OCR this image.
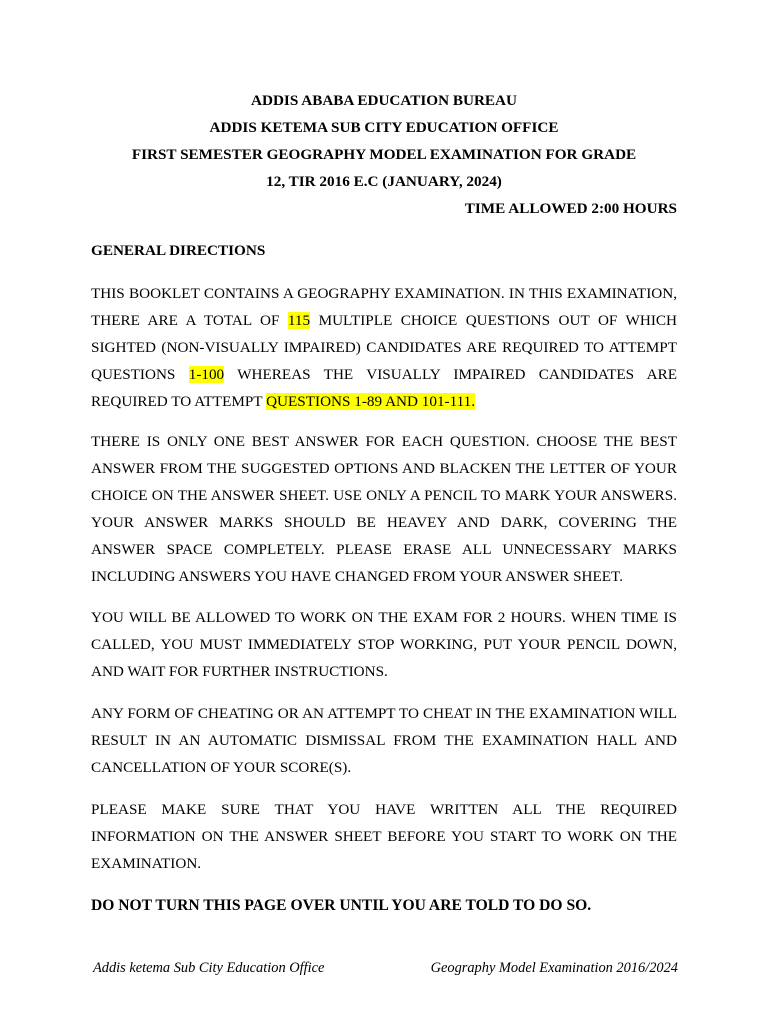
ADDIS ABABA EDUCATION BUREAU
ADDIS KETEMA SUB CITY EDUCATION OFFICE
FIRST SEMESTER GEOGRAPHY MODEL EXAMINATION FOR GRADE
12, TIR 2016 E.C (JANUARY, 2024)
TIME ALLOWED 2:00 HOURS
GENERAL DIRECTIONS
THIS BOOKLET CONTAINS A GEOGRAPHY EXAMINATION. IN THIS EXAMINATION, THERE ARE A TOTAL OF 115 MULTIPLE CHOICE QUESTIONS OUT OF WHICH SIGHTED (NON-VISUALLY IMPAIRED) CANDIDATES ARE REQUIRED TO ATTEMPT QUESTIONS 1-100 WHEREAS THE VISUALLY IMPAIRED CANDIDATES ARE REQUIRED TO ATTEMPT QUESTIONS 1-89 AND 101-111.
THERE IS ONLY ONE BEST ANSWER FOR EACH QUESTION. CHOOSE THE BEST ANSWER FROM THE SUGGESTED OPTIONS AND BLACKEN THE LETTER OF YOUR CHOICE ON THE ANSWER SHEET. USE ONLY A PENCIL TO MARK YOUR ANSWERS. YOUR ANSWER MARKS SHOULD BE HEAVEY AND DARK, COVERING THE ANSWER SPACE COMPLETELY. PLEASE ERASE ALL UNNECESSARY MARKS INCLUDING ANSWERS YOU HAVE CHANGED FROM YOUR ANSWER SHEET.
YOU WILL BE ALLOWED TO WORK ON THE EXAM FOR 2 HOURS. WHEN TIME IS CALLED, YOU MUST IMMEDIATELY STOP WORKING, PUT YOUR PENCIL DOWN, AND WAIT FOR FURTHER INSTRUCTIONS.
ANY FORM OF CHEATING OR AN ATTEMPT TO CHEAT IN THE EXAMINATION WILL RESULT IN AN AUTOMATIC DISMISSAL FROM THE EXAMINATION HALL AND CANCELLATION OF YOUR SCORE(S).
PLEASE MAKE SURE THAT YOU HAVE WRITTEN ALL THE REQUIRED INFORMATION ON THE ANSWER SHEET BEFORE YOU START TO WORK ON THE EXAMINATION.
DO NOT TURN THIS PAGE OVER UNTIL YOU ARE TOLD TO DO SO.
Addis ketema Sub City Education Office	Geography Model Examination 2016/2024
